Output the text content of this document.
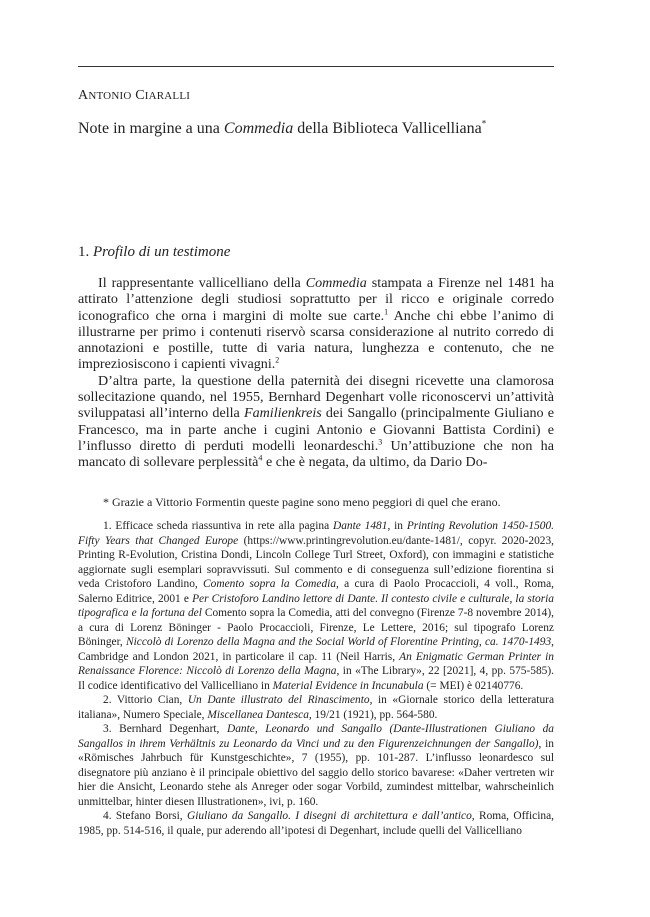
ANTONIO CIARALLI
Note in margine a una Commedia della Biblioteca Vallicelliana*
1. Profilo di un testimone

Il rappresentante vallicelliano della Commedia stampata a Firenze nel 1481 ha attirato l’attenzione degli studiosi soprattutto per il ricco e originale corredo iconografico che orna i margini di molte sue carte.$^1$ Anche chi ebbe l’animo di illustrarne per primo i contenuti riservò scarsa considerazione al nutrito corredo di annotazioni e postille, tutte di varia natura, lunghezza e contenuto, che ne impreziosiscono i capienti vivagni.$^2$

D’altra parte, la questione della paternità dei disegni ricevette una clamorosa sollecitazione quando, nel 1955, Bernhard Degenhart volle riconoscervi un’attività sviluppatasi all’interno della Familienkreis dei Sangallo (principalmente Giuliano e Francesco, ma in parte anche i cugini Antonio e Giovanni Battista Cordini) e l’influsso diretto di perduti modelli leonardeschi.$^3$ Un’attibuzione che non ha mancato di sollevare perplessità$^4$ e che è negata, da ultimo, da Dario Do-

* Grazie a Vittorio Formentin queste pagine sono meno peggiori di quel che erano.

1. Efficace scheda riassuntiva in rete alla pagina Dante 1481, in Printing Revolution 1450-1500. Fifty Years that Changed Europe (https://www.printingrevolution.eu/dante-1481/, copyr. 2020-2023, Printing R-Evolution, Cristina Dondi, Lincoln College Turl Street, Oxford), con immagini e statistiche aggiornate sugli esemplari sopravvissuti. Sul commento e di conseguenza sull’edizione fiorentina si veda Cristoforo Landino, Comento sopra la Comedia, a cura di Paolo Procaccioli, 4 voll., Roma, Salerno Editrice, 2001 e Per Cristoforo Landino lettore di Dante. Il contesto civile e culturale, la storia tipografica e la fortuna del Comento sopra la Comedia, atti del convegno (Firenze 7-8 novembre 2014), a cura di Lorenz Böninger - Paolo Procaccioli, Firenze, Le Lettere, 2016; sul tipografo Lorenz Böninger, Niccolò di Lorenzo della Magna and the Social World of Florentine Printing, ca. 1470-1493, Cambridge and London 2021, in particolare il cap. 11 (Neil Harris, An Enigmatic German Printer in Renaissance Florence: Niccolò di Lorenzo della Magna, in «The Library», 22 [2021], 4, pp. 575-585). Il codice identificativo del Vallicelliano in Material Evidence in Incunabula (= MEI) è 02140776.

2. Vittorio Cian, Un Dante illustrato del Rinascimento, in «Giornale storico della letteratura italiana», Numero Speciale, Miscellanea Dantesca, 19/21 (1921), pp. 564-580.

3. Bernhard Degenhart, Dante, Leonardo und Sangallo (Dante-Illustrationen Giuliano da Sangallos in ihrem Verhältnis zu Leonardo da Vinci und zu den Figurenzeichnungen der Sangallo), in «Römisches Jahrbuch für Kunstgeschichte», 7 (1955), pp. 101-287. L’influsso leonardesco sul disegnatore più anziano è il principale obiettivo del saggio dello storico bavarese: «Daher vertreten wir hier die Ansicht, Leonardo stehe als Anreger oder sogar Vorbild, zumindest mittelbar, wahrscheinlich unmittelbar, hinter diesen Illustrationen», ivi, p. 160.

4. Stefano Borsi, Giuliano da Sangallo. I disegni di architettura e dall’antico, Roma, Officina, 1985, pp. 514-516, il quale, pur aderendo all’ipotesi di Degenhart, include quelli del Vallicelliano
